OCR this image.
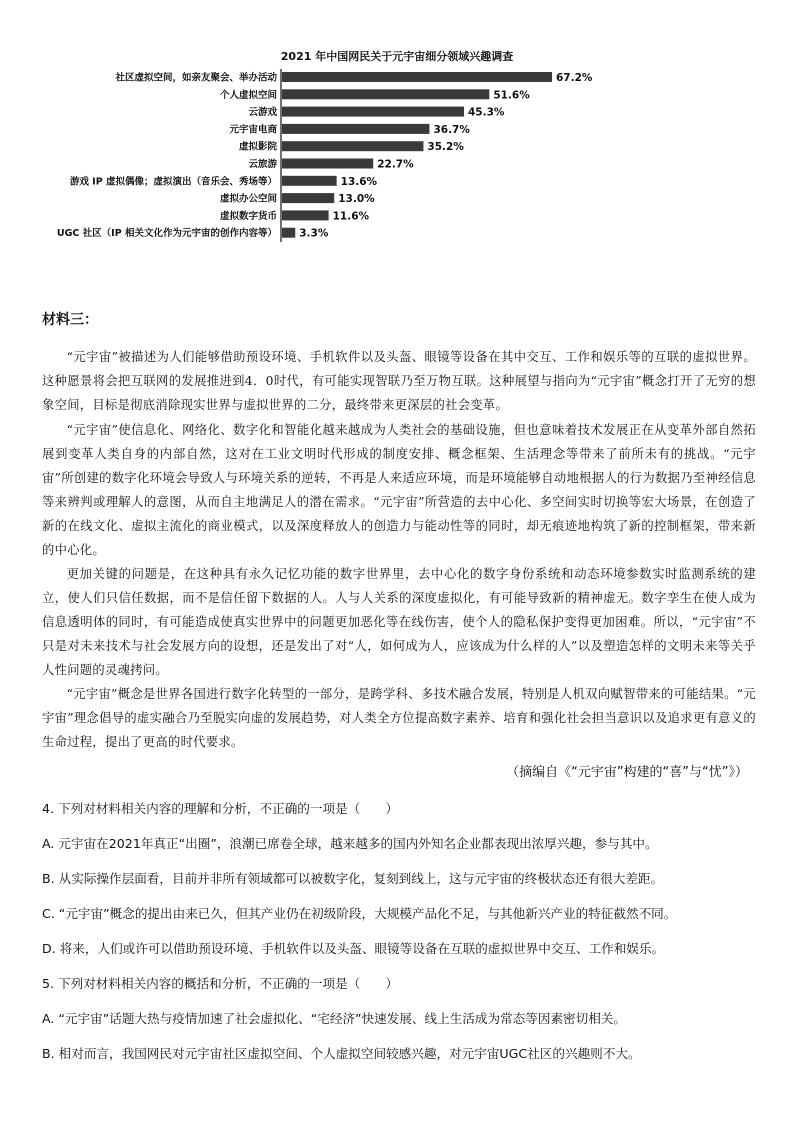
2021 年中国网民关于元宇宙细分领域兴趣调查
社区虚拟空间，如亲友聚会、举办活动	67.2%
个人虚拟空间	51.6%
云游戏	45.3%
元宇宙电商	36.7%
虚拟影院	35.2%
云旅游	22.7%
游戏 IP 虚拟偶像；虚拟演出（音乐会、秀场等）	13.6%
虚拟办公空间	13.0%
虚拟数字货币	11.6%
UGC 社区（IP 相关文化作为元宇宙的创作内容等） 3.3%
材料三：

“元宇宙”被描述为人们能够借助预设环境、手机软件以及头盔、眼镜等设备在其中交互、工作和娱乐等的互联的虚拟世界。这种愿景将会把互联网的发展推进到4．0时代，有可能实现智联乃至万物互联。这种展望与指向为“元宇宙”概念打开了无穷的想象空间，目标是彻底消除现实世界与虚拟世界的二分，最终带来更深层的社会变革。

“元宇宙”使信息化、网络化、数字化和智能化越来越成为人类社会的基础设施，但也意味着技术发展正在从变革外部自然拓展到变革人类自身的内部自然，这对在工业文明时代形成的制度安排、概念框架、生活理念等带来了前所未有的挑战。“元宇宙”所创建的数字化环境会导致人与环境关系的逆转，不再是人来适应环境，而是环境能够自动地根据人的行为数据乃至神经信息等来辨判或理解人的意图，从而自主地满足人的潜在需求。“元宇宙”所营造的去中心化、多空间实时切换等宏大场景，在创造了新的在线文化、虚拟主流化的商业模式，以及深度释放人的创造力与能动性等的同时，却无痕迹地构筑了新的控制框架，带来新的中心化。

更加关键的问题是，在这种具有永久记忆功能的数字世界里，去中心化的数字身份系统和动态环境参数实时监测系统的建立，使人们只信任数据，而不是信任留下数据的人。人与人关系的深度虚拟化，有可能导致新的精神虚无。数字孪生在使人成为信息透明体的同时，有可能造成使真实世界中的问题更加恶化等在线伤害，使个人的隐私保护变得更加困难。所以，“元宇宙”不只是对未来技术与社会发展方向的设想，还是发出了对“人，如何成为人，应该成为什么样的人”以及塑造怎样的文明未来等关乎人性问题的灵魂拷问。

“元宇宙”概念是世界各国进行数字化转型的一部分，是跨学科、多技术融合发展，特别是人机双向赋智带来的可能结果。“元宇宙”理念倡导的虚实融合乃至脱实向虚的发展趋势，对人类全方位提高数字素养、培育和强化社会担当意识以及追求更有意义的生命过程，提出了更高的时代要求。

（摘编自《“元宇宙”构建的“喜”与“忧”》）

4. 下列对材料相关内容的理解和分析，不正确的一项是（　　）

A. 元宇宙在2021年真正“出圈”，浪潮已席卷全球，越来越多的国内外知名企业都表现出浓厚兴趣，参与其中。

B. 从实际操作层面看，目前并非所有领域都可以被数字化，复刻到线上，这与元宇宙的终极状态还有很大差距。

C. “元宇宙”概念的提出由来已久，但其产业仍在初级阶段，大规模产品化不足，与其他新兴产业的特征截然不同。

D. 将来，人们或许可以借助预设环境、手机软件以及头盔、眼镜等设备在互联的虚拟世界中交互、工作和娱乐。

5. 下列对材料相关内容的概括和分析，不正确的一项是（　　）

A. “元宇宙”话题大热与疫情加速了社会虚拟化、“宅经济”快速发展、线上生活成为常态等因素密切相关。

B. 相对而言，我国网民对元宇宙社区虚拟空间、个人虚拟空间较感兴趣，对元宇宙UGC社区的兴趣则不大。
